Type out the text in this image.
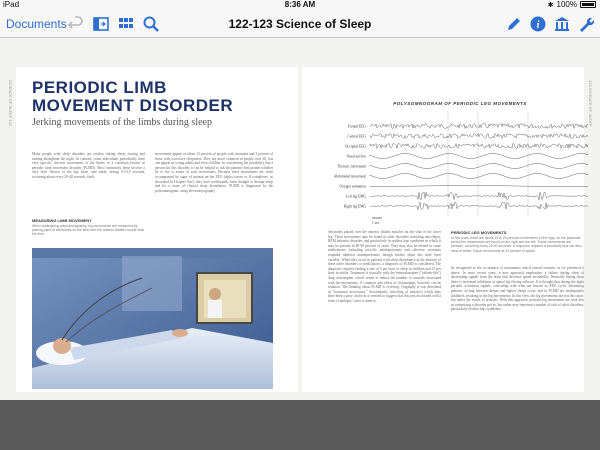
iPad	8:36 AM	✱ 100%
Documents	122-123 Science of Sleep	i
SCIENCE OF SLEEP 122	123 SCIENCE OF SLEEP
PERIODIC LIMB
MOVEMENT DISORDER
Jerking movements of the limbs during sleep
Many people with sleep disorders are restless during sleep, tossing and turning throughout the night. In contrast, some individuals periodically have very specific, discrete movements of the limbs, in a condition known as periodic limb movement disorder (PLMD). Most commonly these involve a very brief flexion of the hip, knee, and ankle, lasting 0.5-10 seconds, occurring about every 20-40 seconds. Such
movements appear in about 12 percent of people with insomnia and 3 percent of those with excessive sleepiness. They are more common in people over 40, but can appear in young adults and even children. In considering the possibility that a person has this disorder, it can be helpful to ask the patient's bed partner whether he or she is aware of such movements. Because these movements are often accompanied by signs of arousal on the EEG (alpha waves or K-complexes, as described in Chapter One), they have traditionally been thought to disrupt sleep and be a cause of clinical sleep disturbance. PLMD is diagnosed by the polysomnogram, using electromyography
MEASURING LIMB MOVEMENT
When undergoing polysomnography, leg movements are measured by placing pairs of electrodes on the skin over the anterior tibialis muscle near the shin.
POLYSOMNOGRAM OF PERIODIC LEG MOVEMENTS
Frontal EEG
Central EEG
Occipital EEG
Nasal airflow
Thoracic movement
Abdominal movement
Oxygen saturation
Left leg EMG
Right leg EMG
1 sec
electrodes placed over the anterior tibialis muscles on the shin of the lower leg. These movements may be found in other disorders including narcolepsy, REM behavior disorder, and particularly in restless legs syndrome in which it may be present in 80-90 percent of cases. They may also be related to some medications, including tricyclic antidepressants and selective serotonin reuptake inhibitor antidepressants, though studies about this have been variable. When they occur in patients with sleep disturbance in the absence of these other disorders or medications, a diagnosis of PLMD is considered. The diagnosis requires finding a rate of 5 per hour of sleep in children and 15 per hour in adults. Treatment is typically with the benzodiazepine ("valium-like") drug clonazepam, which seems to reduce the number of arousals associated with the movements. A common side effect of clonazepam, however, can be sedation. The thinking about PLMD is evolving. Originally it was described as "nocturnal myoclonus." Involuntarily twitching of muscles) which may have been a poor choice as it seemed to suggest that this was associated with a form of epilepsy. Later it came to
PERIODIC LEG MOVEMENTS
In this chart, there are about 10 to 20 periodic movements of the legs, on the particular period the movements are found on the right and the left. These movements are periodic, occurring every 20-40 seconds. A response requires a sensitivity that can also send of these. Equal movements at 23 percent in adults.
be recognized as the occurrence of movements which caused arousals, as we presented it above. In more recent years, a new approach emphasizes a failure during sleep of descending signals from the brain that decrease spinal excitability. Normally during sleep there is increased inhibition of spinal leg flexing reflexes. It is thought that during the night periodic activation signals, coinciding with what are known as EEG cyclic alternating patterns cycling between deeper and lighter sleep) occur, and in PLMD are inadequately inhibited, resulting in the leg movements. In this view, the leg movements are not the cause, but rather the result, of arousals. With this approach, periodic leg movements are seen less as comprising a disorder per se, but rather may represent a marker of risk of other disorders, particularly restless legs syndrome.
